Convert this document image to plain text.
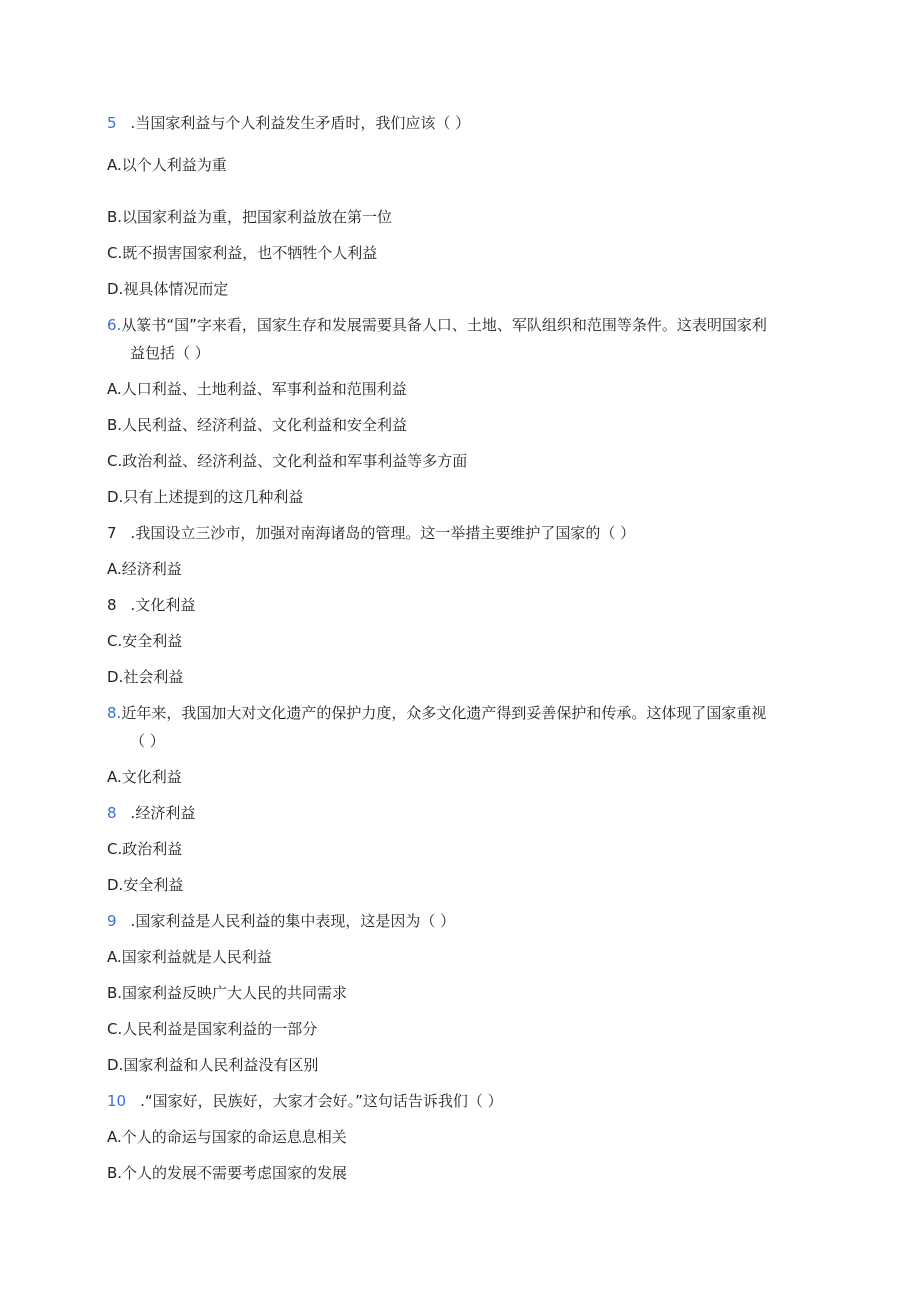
5 .当国家利益与个人利益发生矛盾时，我们应该（ ）
A.以个人利益为重
B.以国家利益为重，把国家利益放在第一位
C.既不损害国家利益，也不牺牲个人利益
D.视具体情况而定
6.从篆书“国”字来看，国家生存和发展需要具备人口、土地、军队组织和范围等条件。这表明国家利
益包括（ ）
A.人口利益、土地利益、军事利益和范围利益
B.人民利益、经济利益、文化利益和安全利益
C.政治利益、经济利益、文化利益和军事利益等多方面
D.只有上述提到的这几种利益
7 .我国设立三沙市，加强对南海诸岛的管理。这一举措主要维护了国家的（ ）
A.经济利益
8 .文化利益
C.安全利益
D.社会利益
8.近年来，我国加大对文化遗产的保护力度，众多文化遗产得到妥善保护和传承。这体现了国家重视
（ ）
A.文化利益
8 .经济利益
C.政治利益
D.安全利益
9 .国家利益是人民利益的集中表现，这是因为（ ）
A.国家利益就是人民利益
B.国家利益反映广大人民的共同需求
C.人民利益是国家利益的一部分
D.国家利益和人民利益没有区别
10 .“国家好，民族好，大家才会好。”这句话告诉我们（ ）
A.个人的命运与国家的命运息息相关
B.个人的发展不需要考虑国家的发展
